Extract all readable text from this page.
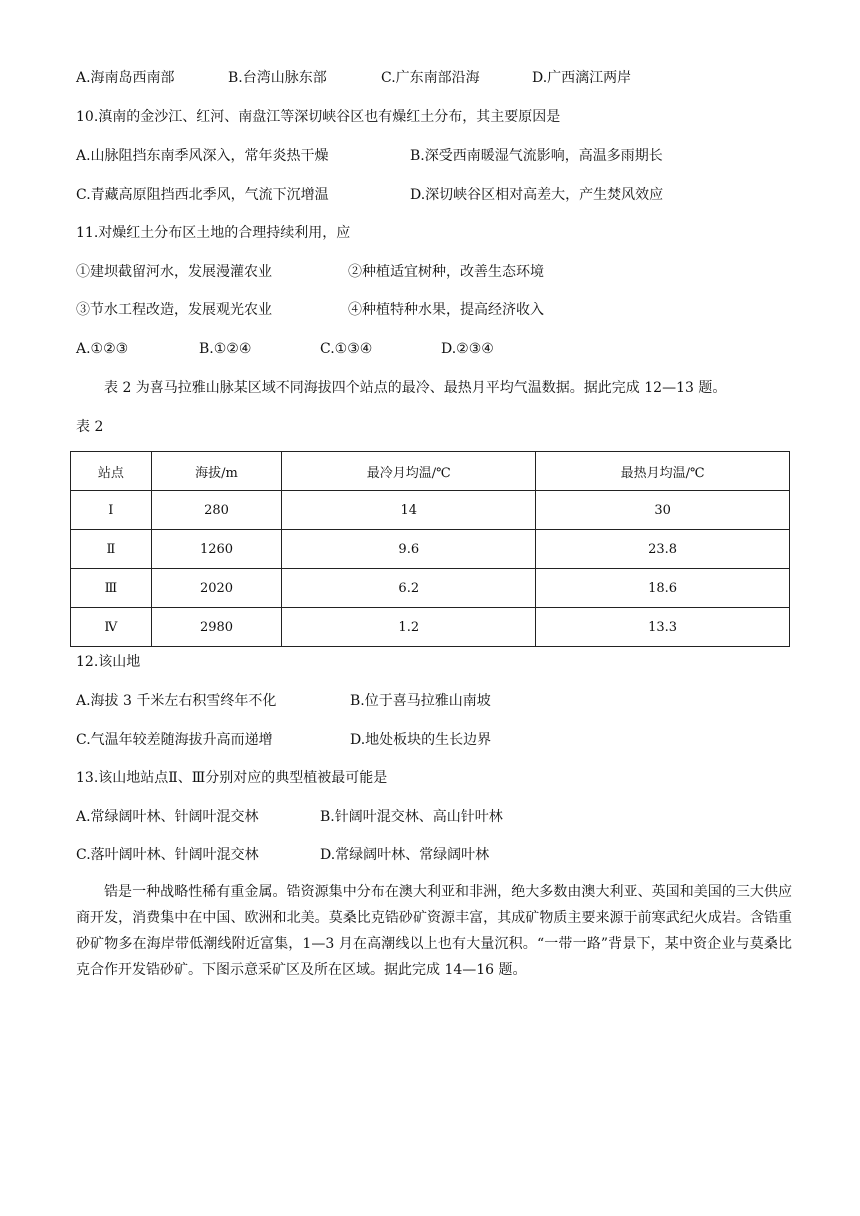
A.海南岛西南部	B.台湾山脉东部	C.广东南部沿海	D.广西漓江两岸
10.滇南的金沙江、红河、南盘江等深切峡谷区也有燥红土分布，其主要原因是
A.山脉阻挡东南季风深入，常年炎热干燥	B.深受西南暖湿气流影响，高温多雨期长
C.青藏高原阻挡西北季风，气流下沉增温	D.深切峡谷区相对高差大，产生焚风效应
11.对燥红土分布区土地的合理持续利用，应
①建坝截留河水，发展漫灌农业	②种植适宜树种，改善生态环境
③节水工程改造，发展观光农业	④种植特种水果，提高经济收入
A.①②③	B.①②④	C.①③④	D.②③④
表 2 为喜马拉雅山脉某区域不同海拔四个站点的最冷、最热月平均气温数据。据此完成 12—13 题。
表 2
站点	海拔/m	最冷月均温/℃	最热月均温/℃
I	280	14	30
Ⅱ	1260	9.6	23.8
Ⅲ	2020	6.2	18.6
Ⅳ	2980	1.2	13.3
12.该山地
A.海拔 3 千米左右积雪终年不化	B.位于喜马拉雅山南坡
C.气温年较差随海拔升高而递增	D.地处板块的生长边界
13.该山地站点Ⅱ、Ⅲ分别对应的典型植被最可能是
A.常绿阔叶林、针阔叶混交林	B.针阔叶混交林、高山针叶林
C.落叶阔叶林、针阔叶混交林	D.常绿阔叶林、常绿阔叶林
锆是一种战略性稀有重金属。锆资源集中分布在澳大利亚和非洲，绝大多数由澳大利亚、英国和美国的三大供应商开发，消费集中在中国、欧洲和北美。莫桑比克锆砂矿资源丰富，其成矿物质主要来源于前寒武纪火成岩。含锆重砂矿物多在海岸带低潮线附近富集，1—3 月在高潮线以上也有大量沉积。“一带一路”背景下，某中资企业与莫桑比克合作开发锆砂矿。下图示意采矿区及所在区域。据此完成 14—16 题。
